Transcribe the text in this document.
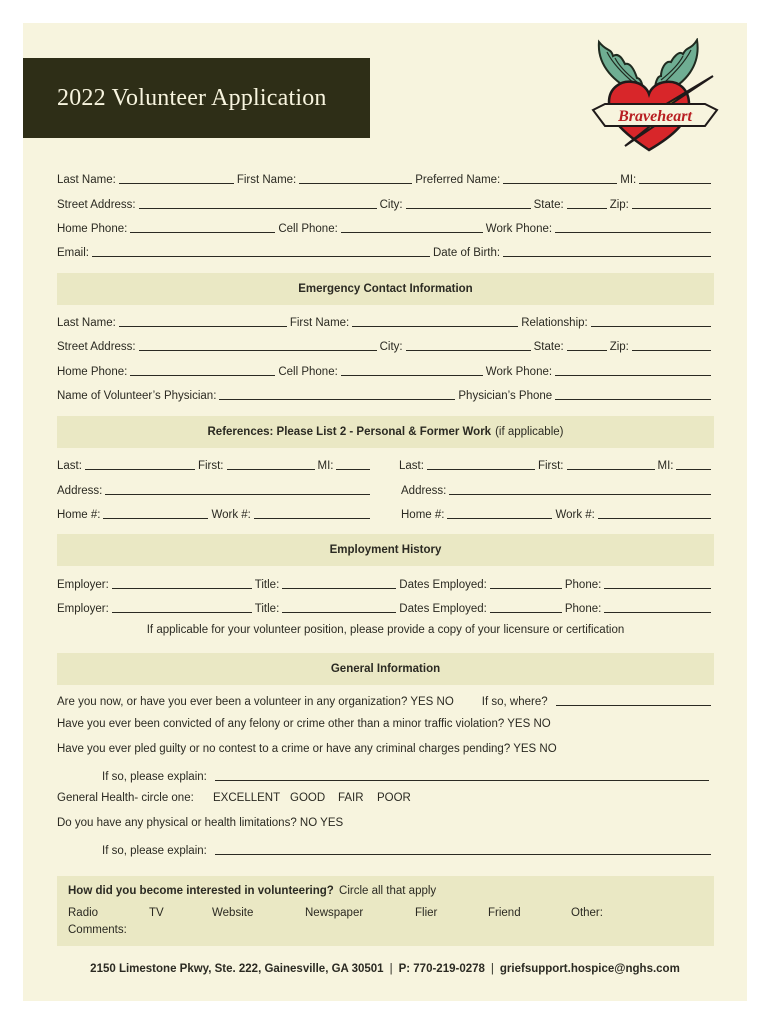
2022 Volunteer Application
Braveheart
Last Name:	First Name:	Preferred Name:	MI:
Street Address:	City:	State:	Zip:
Home Phone:	Cell Phone:	Work Phone:
Email:	Date of Birth:
Emergency Contact Information
Last Name:	First Name:	Relationship:
Street Address:	City:	State:	Zip:
Home Phone:	Cell Phone:	Work Phone:
Name of Volunteer’s Physician:	Physician’s Phone
References: Please List 2 - Personal & Former Work (if applicable)
Last:	First:	MI:	Last:	First:	MI:
Address:	Address:
Home #:	Work #:	Home #:	Work #:
Employment History
Employer:	Title:	Dates Employed:	Phone:
Employer:	Title:	Dates Employed:	Phone:
If applicable for your volunteer position, please provide a copy of your licensure or certification
General Information
Are you now, or have you ever been a volunteer in any organization? YES NO If so, where?
Have you ever been convicted of any felony or crime other than a minor traffic violation? YES NO
Have you ever pled guilty or no contest to a crime or have any criminal charges pending? YES NO
If so, please explain:
General Health- circle one: EXCELLENT GOOD FAIR POOR
Do you have any physical or health limitations? NO YES
If so, please explain:
How did you become interested in volunteering? Circle all that apply
Radio	TV	Website	Newspaper	Flier	Friend	Other:
Comments:
2150 Limestone Pkwy, Ste. 222, Gainesville, GA 30501 | P: 770-219-0278 | griefsupport.hospice@nghs.com
